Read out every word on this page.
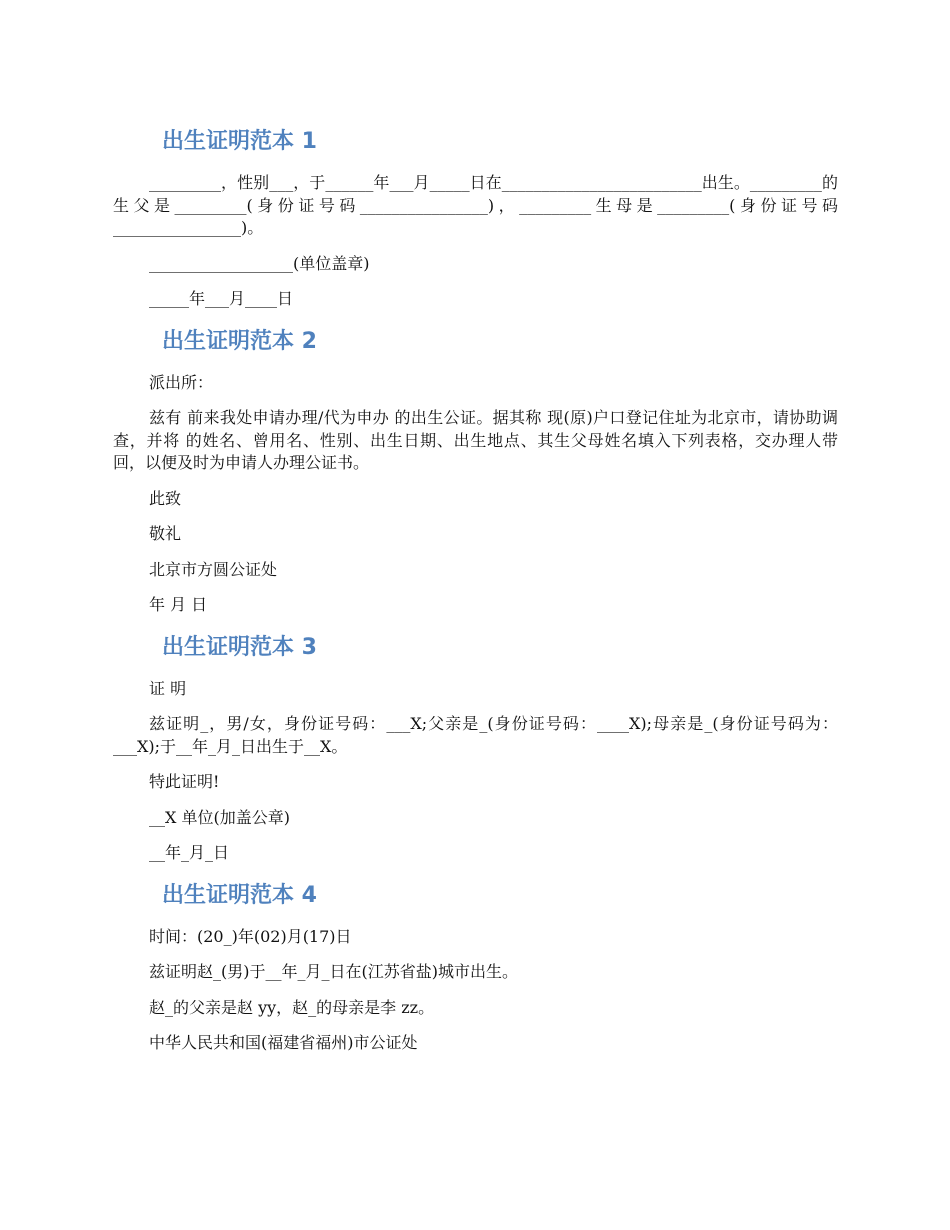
出生证明范本 1

_________，性别___，于______年___月_____日在_________________________出生。_________的生父是_________(身份证号码________________)，_________生母是_________(身份证号码________________)。

__________________(单位盖章)

_____年___月____日

出生证明范本 2

派出所：

兹有 前来我处申请办理/代为申办 的出生公证。据其称 现(原)户口登记住址为北京市，请协助调查，并将 的姓名、曾用名、性别、出生日期、出生地点、其生父母姓名填入下列表格，交办理人带回，以便及时为申请人办理公证书。

此致

敬礼

北京市方圆公证处

年 月 日

出生证明范本 3

证 明

兹证明_，男/女，身份证号码：___X;父亲是_(身份证号码：____X);母亲是_(身份证号码为：___X);于__年_月_日出生于__X。

特此证明!

__X 单位(加盖公章)

__年_月_日

出生证明范本 4

时间：(20_)年(02)月(17)日

兹证明赵_(男)于__年_月_日在(江苏省盐)城市出生。

赵_的父亲是赵 yy，赵_的母亲是李 zz。

中华人民共和国(福建省福州)市公证处
